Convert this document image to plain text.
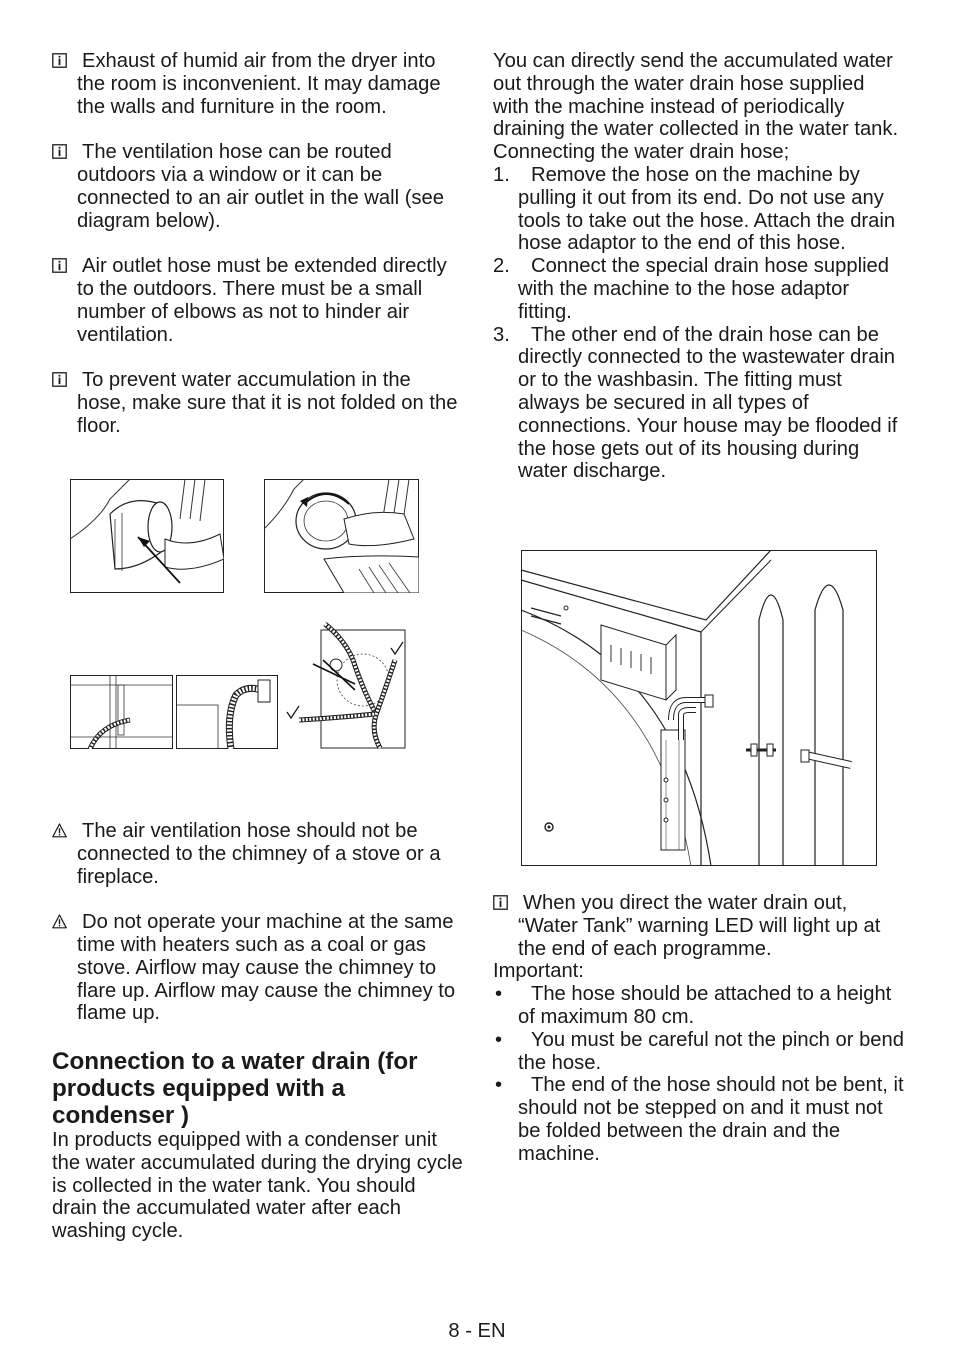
Exhaust of humid air from the dryer into the room is inconvenient. It may damage the walls and furniture in the room.

The ventilation hose can be routed outdoors via a window or it can be connected to an air outlet in the wall (see diagram below).

Air outlet hose must be extended directly to the outdoors. There must be a small number of elbows as not to hinder air ventilation.

To prevent water accumulation in the hose, make sure that it is not folded on the floor.

The air ventilation hose should not be connected to the chimney of a stove or a fireplace.

Do not operate your machine at the same time with heaters such as a coal or gas stove. Airflow may cause the chimney to flare up. Airflow may cause the chimney to flame up.

Connection to a water drain (for products equipped with a condenser )

In products equipped with a condenser unit the water accumulated during the drying cycle is collected in the water tank. You should drain the accumulated water after each washing cycle.

You can directly send the accumulated water out through the water drain hose supplied with the machine instead of periodically draining the water collected in the water tank.

Connecting the water drain hose;

1.	Remove the hose on the machine by pulling it out from its end. Do not use any tools to take out the hose. Attach the drain hose adaptor to the end of this hose.

2.	Connect the special drain hose supplied with the machine to the hose adaptor fitting.

3.	The other end of the drain hose can be directly connected to the wastewater drain or to the washbasin. The fitting must always be secured in all types of connections. Your house may be flooded if the hose gets out of its housing during water discharge.

When you direct the water drain out, “Water Tank” warning LED will light up at the end of each programme.

Important:

•	The hose should be attached to a height of maximum 80 cm.

•	You must be careful not the pinch or bend the hose.

•	The end of the hose should not be bent, it should not be stepped on and it must not be folded between the drain and the machine.

8 - EN
